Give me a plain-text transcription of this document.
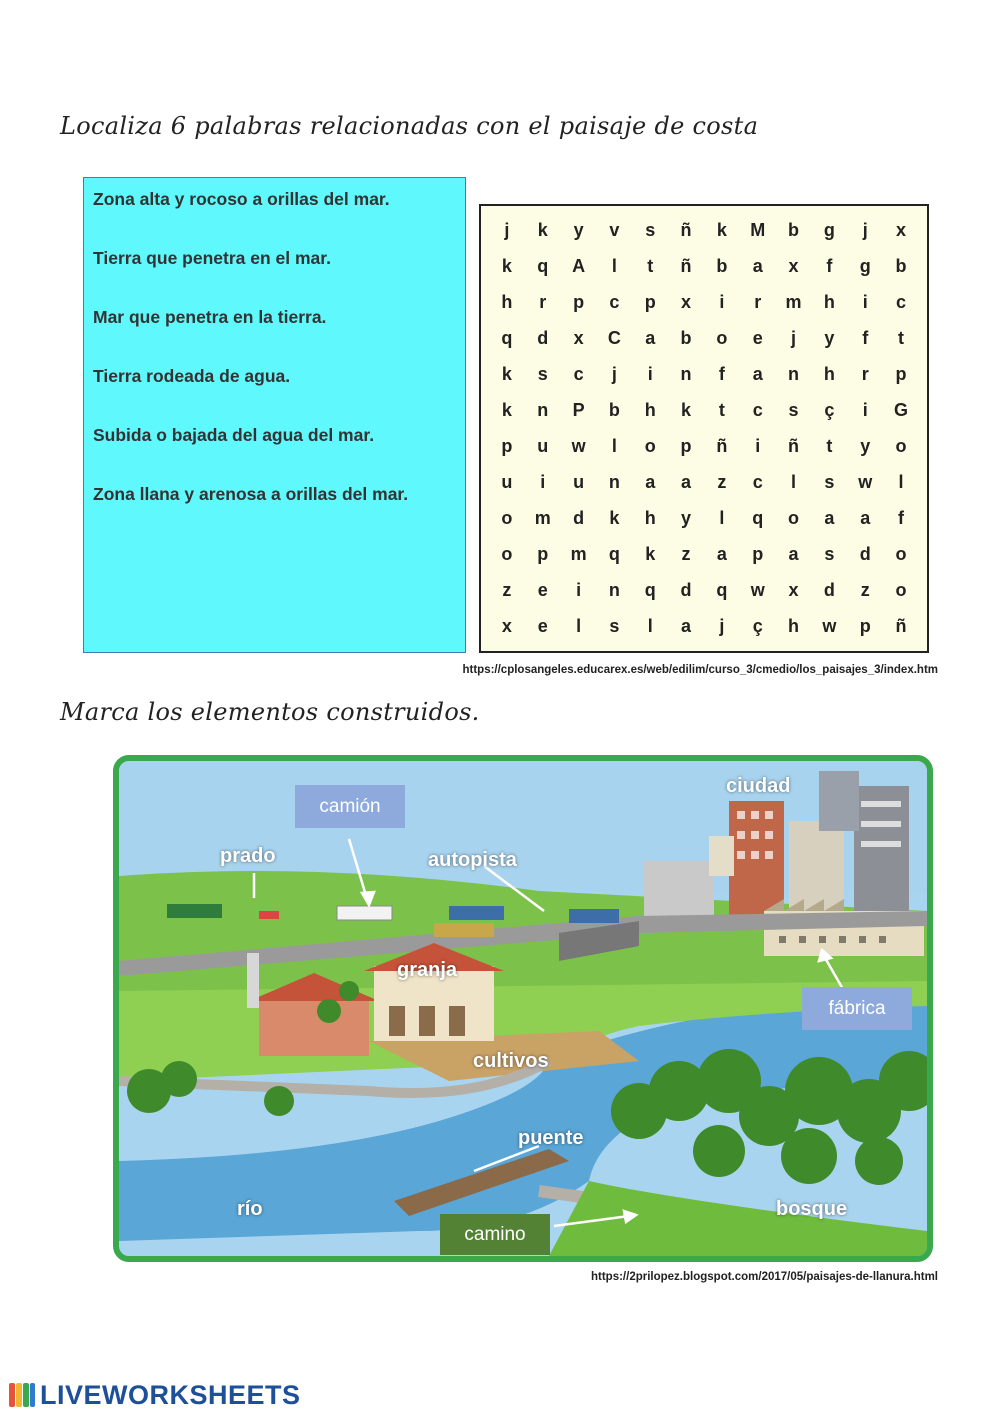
Localiza 6 palabras relacionadas con el paisaje de costa
Zona alta y rocoso a orillas del mar.
Tierra que penetra en el mar.
Mar que penetra en la tierra.
Tierra rodeada de agua.
Subida o bajada del agua del mar.
Zona llana y arenosa a orillas del mar.
j	k	y	v	s	ñ	k	M	b	g	j	x
k	q	A	l	t	ñ	b	a	x	f	g	b
h	r	p	c	p	x	i	r	m	h	i	c
q	d	x	C	a	b	o	e	j	y	f	t
k	s	c	j	i	n	f	a	n	h	r	p
k	n	P	b	h	k	t	c	s	ç	i	G
p	u	w	l	o	p	ñ	i	ñ	t	y	o
u	i	u	n	a	a	z	c	l	s	w	l
o	m	d	k	h	y	l	q	o	a	a	f
o	p	m	q	k	z	a	p	a	s	d	o
z	e	i	n	q	d	q	w	x	d	z	o
x	e	l	s	l	a	j	ç	h	w	p	ñ
https://cplosangeles.educarex.es/web/edilim/curso_3/cmedio/los_paisajes_3/index.htm
Marca los elementos construidos.
ciudad
prado	autopista
granja
cultivos
puente
río	bosque
camión
fábrica
camino
https://2prilopez.blogspot.com/2017/05/paisajes-de-llanura.html
LIVEWORKSHEETS
